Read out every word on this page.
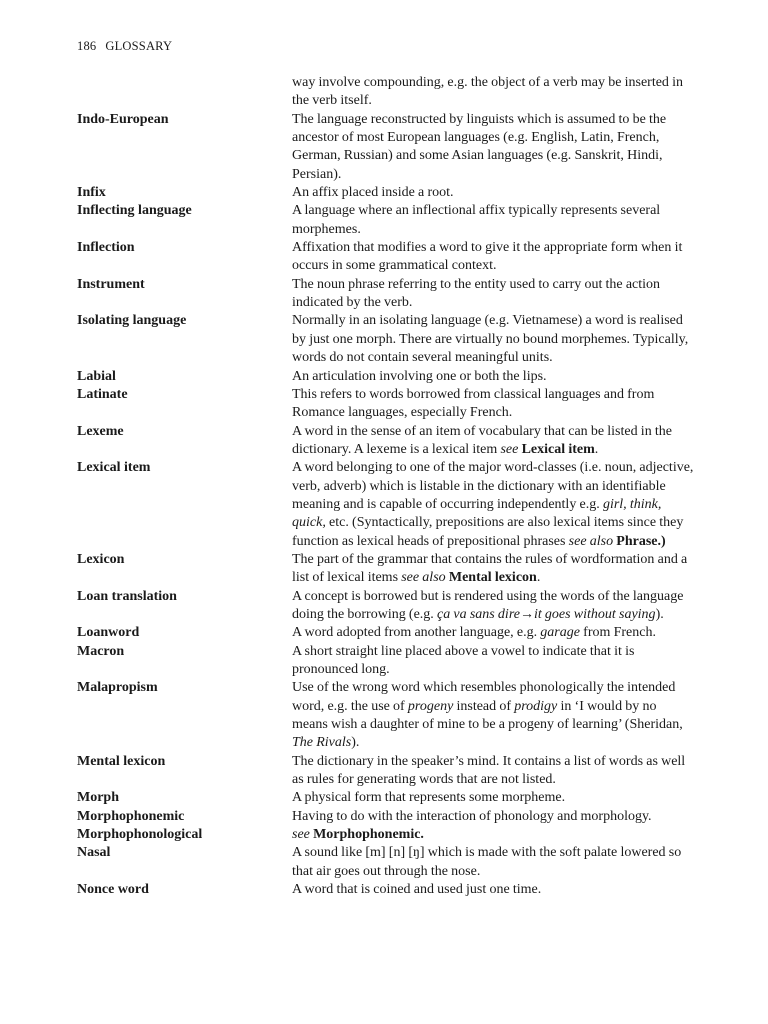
186 GLOSSARY
way involve compounding, e.g. the object of a verb may be inserted in the verb itself.
Indo-European	The language reconstructed by linguists which is assumed to be the ancestor of most European languages (e.g. English, Latin, French, German, Russian) and some Asian languages (e.g. Sanskrit, Hindi, Persian).
Infix	An affix placed inside a root.
Inflecting language	A language where an inflectional affix typically represents several morphemes.
Inflection	Affixation that modifies a word to give it the appropriate form when it occurs in some grammatical context.
Instrument	The noun phrase referring to the entity used to carry out the action indicated by the verb.
Isolating language	Normally in an isolating language (e.g. Vietnamese) a word is realised by just one morph. There are virtually no bound morphemes. Typically, words do not contain several meaningful units.
Labial	An articulation involving one or both the lips.
Latinate	This refers to words borrowed from classical languages and from Romance languages, especially French.
Lexeme	A word in the sense of an item of vocabulary that can be listed in the dictionary. A lexeme is a lexical item see Lexical item.
Lexical item	A word belonging to one of the major word-classes (i.e. noun, adjective, verb, adverb) which is listable in the dictionary with an identifiable meaning and is capable of occurring independently e.g. girl, think, quick, etc. (Syntactically, prepositions are also lexical items since they function as lexical heads of prepositional phrases see also Phrase.)
Lexicon	The part of the grammar that contains the rules of wordformation and a list of lexical items see also Mental lexicon.
Loan translation	A concept is borrowed but is rendered using the words of the language doing the borrowing (e.g. ça va sans dire→it goes without saying).
Loanword	A word adopted from another language, e.g. garage from French.
Macron	A short straight line placed above a vowel to indicate that it is pronounced long.
Malapropism	Use of the wrong word which resembles phonologically the intended word, e.g. the use of progeny instead of prodigy in ‘I would by no means wish a daughter of mine to be a progeny of learning’ (Sheridan, The Rivals).
Mental lexicon	The dictionary in the speaker’s mind. It contains a list of words as well as rules for generating words that are not listed.
Morph	A physical form that represents some morpheme.
Morphophonemic	Having to do with the interaction of phonology and morphology.
Morphophonological	see Morphophonemic.
Nasal	A sound like [m] [n] [ŋ] which is made with the soft palate lowered so that air goes out through the nose.
Nonce word	A word that is coined and used just one time.
